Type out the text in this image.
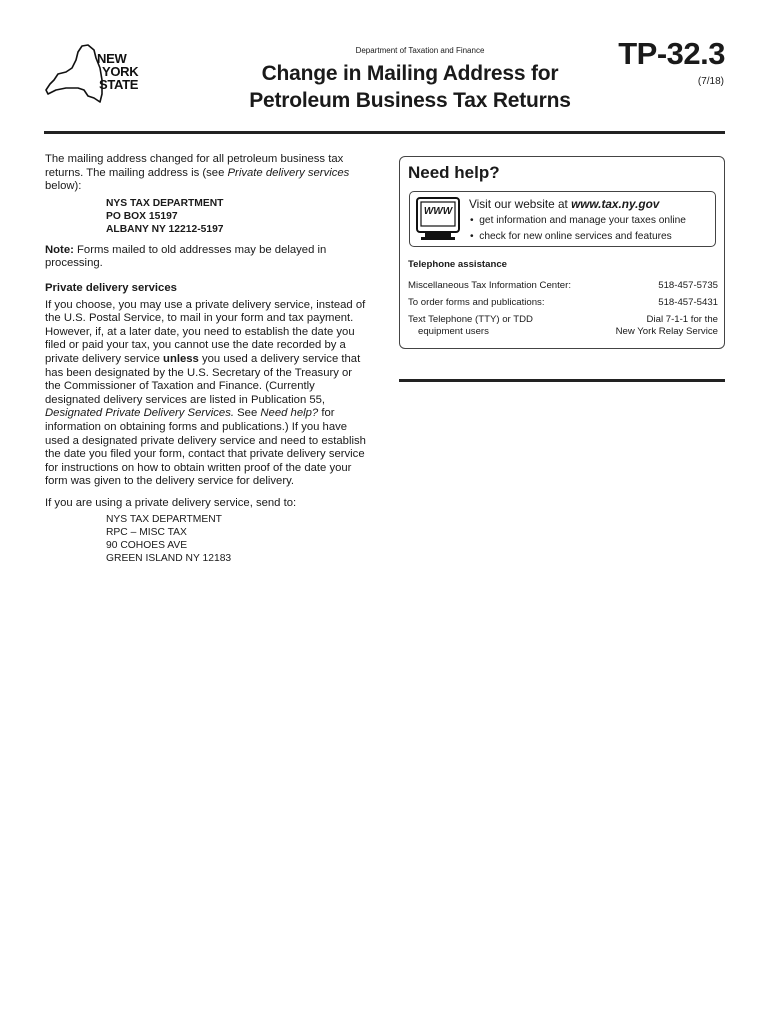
NEW
YORK
STATE
Department of Taxation and Finance
Change in Mailing Address for
Petroleum Business Tax Returns
TP-32.3
(7/18)

The mailing address changed for all petroleum business tax returns. The mailing address is (see Private delivery services below):

NYS TAX DEPARTMENT
PO BOX 15197
ALBANY NY 12212-5197

Note: Forms mailed to old addresses may be delayed in processing.

Private delivery services

If you choose, you may use a private delivery service, instead of the U.S. Postal Service, to mail in your form and tax payment. However, if, at a later date, you need to establish the date you filed or paid your tax, you cannot use the date recorded by a private delivery service unless you used a delivery service that has been designated by the U.S. Secretary of the Treasury or the Commissioner of Taxation and Finance. (Currently designated delivery services are listed in Publication 55, Designated Private Delivery Services. See Need help? for information on obtaining forms and publications.) If you have used a designated private delivery service and need to establish the date you filed your form, contact that private delivery service for instructions on how to obtain written proof of the date your form was given to the delivery service for delivery.

If you are using a private delivery service, send to:

NYS TAX DEPARTMENT
RPC – MISC TAX
90 COHOES AVE
GREEN ISLAND NY 12183
Need help?
WWW
Visit our website at www.tax.ny.gov
•  get information and manage your taxes online
•  check for new online services and features
Telephone assistance
Miscellaneous Tax Information Center:	518-457-5735
To order forms and publications:	518-457-5431
Text Telephone (TTY) or TDD
equipment users
Dial 7-1-1 for the
New York Relay Service
